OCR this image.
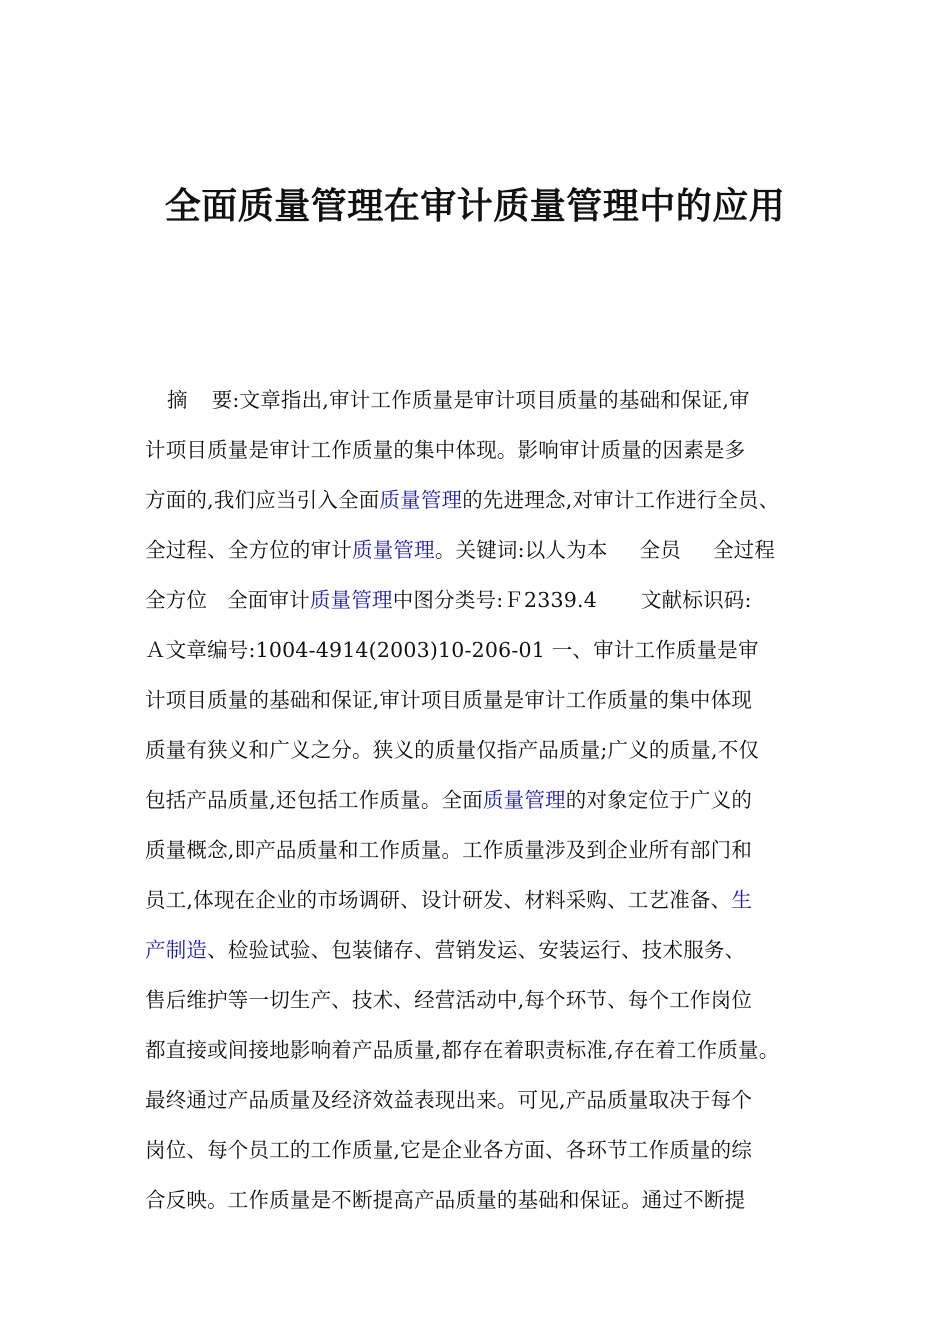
全面质量管理在审计质量管理中的应用
摘 要:文章指出,审计工作质量是审计项目质量的基础和保证,审
计项目质量是审计工作质量的集中体现。影响审计质量的因素是多
方面的,我们应当引入全面质量管理的先进理念,对审计工作进行全员、
全过程、全方位的审计质量管理。关键词:以人为本 全员 全过程
全方位 全面审计质量管理中图分类号:Ｆ2339.4 文献标识码:
Ａ文章编号:1004-4914(2003)10-206-01 一、审计工作质量是审
计项目质量的基础和保证,审计项目质量是审计工作质量的集中体现
质量有狭义和广义之分。狭义的质量仅指产品质量;广义的质量,不仅
包括产品质量,还包括工作质量。全面质量管理的对象定位于广义的
质量概念,即产品质量和工作质量。工作质量涉及到企业所有部门和
员工,体现在企业的市场调研、设计研发、材料采购、工艺准备、生
产制造、检验试验、包装储存、营销发运、安装运行、技术服务、
售后维护等一切生产、技术、经营活动中,每个环节、每个工作岗位
都直接或间接地影响着产品质量,都存在着职责标准,存在着工作质量。
最终通过产品质量及经济效益表现出来。可见,产品质量取决于每个
岗位、每个员工的工作质量,它是企业各方面、各环节工作质量的综
合反映。工作质量是不断提高产品质量的基础和保证。通过不断提
